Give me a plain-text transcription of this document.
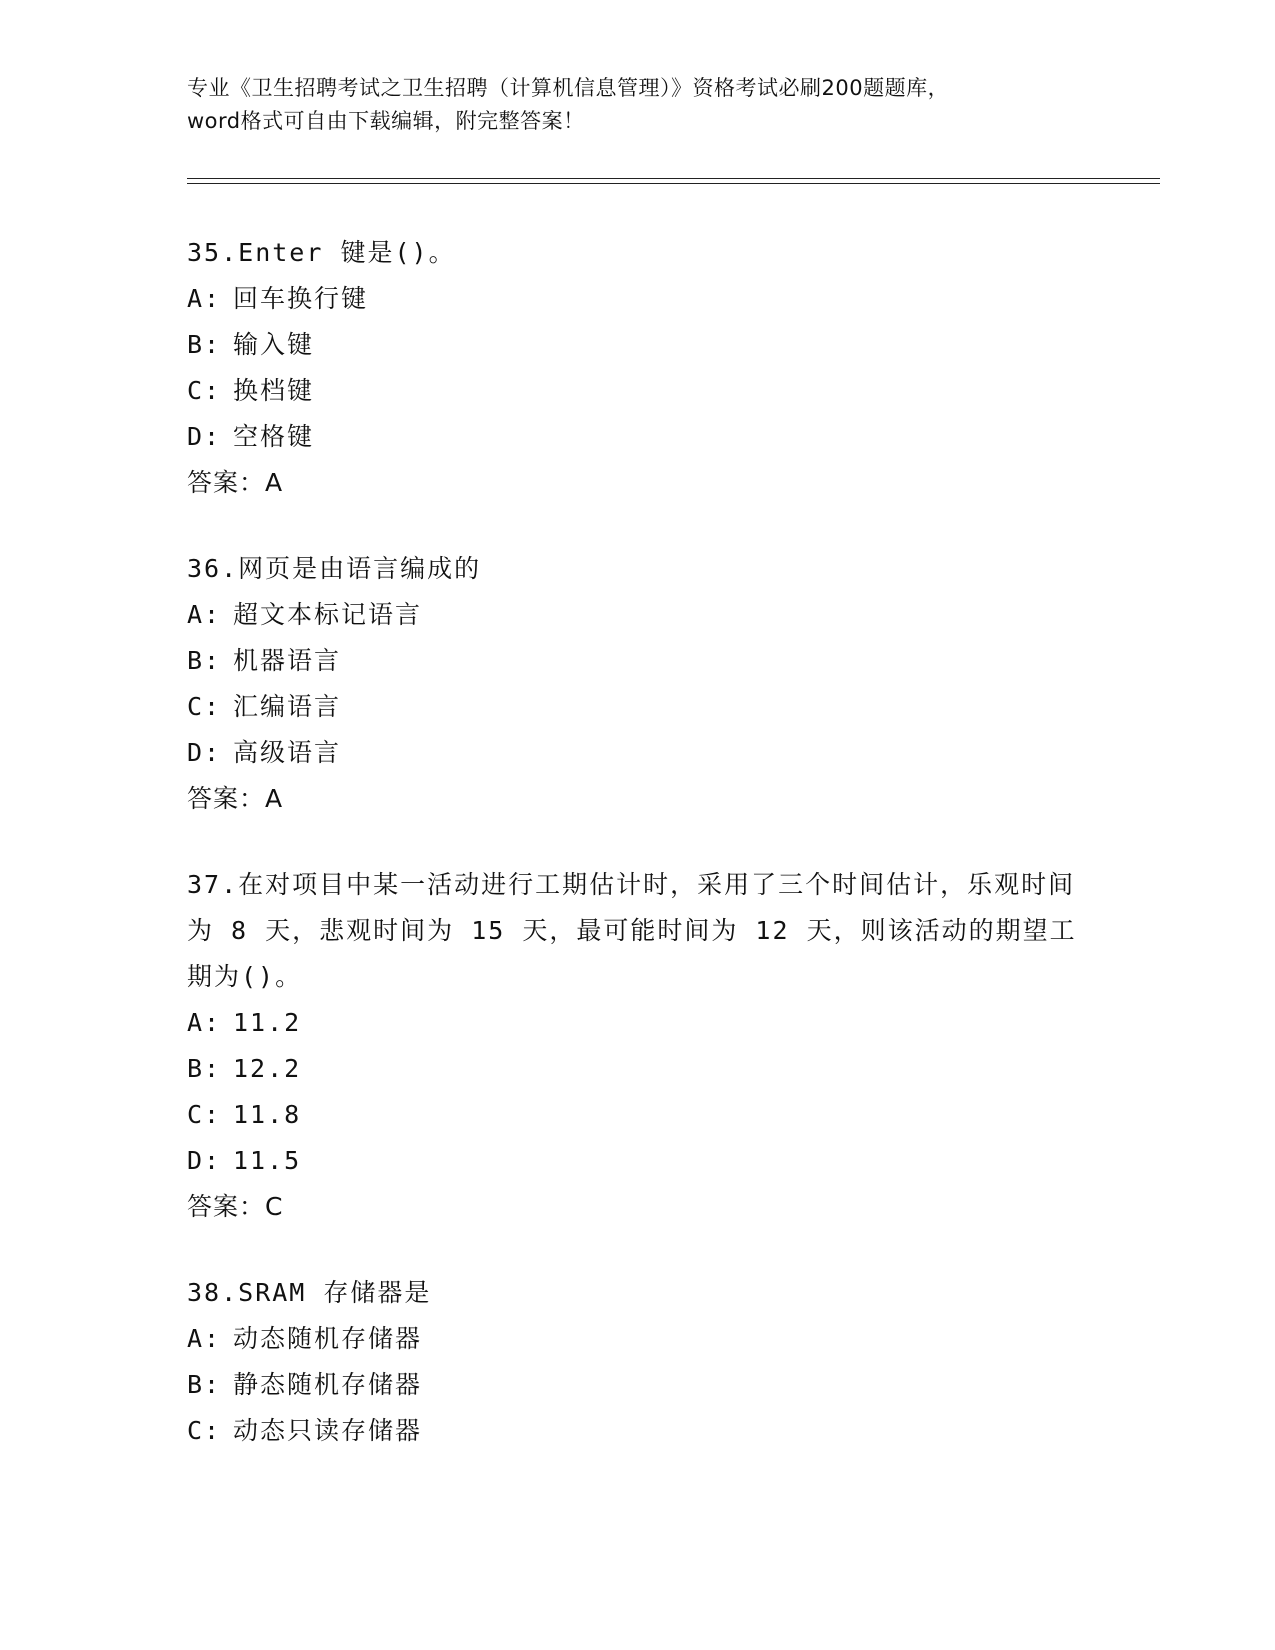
专业《卫生招聘考试之卫生招聘（计算机信息管理）》资格考试必刷200题题库，
word格式可自由下载编辑，附完整答案！

35.Enter 键是()。

A: 回车换行键

B: 输入键

C: 换档键

D: 空格键

答案：A

36.网页是由语言编成的

A: 超文本标记语言

B: 机器语言

C: 汇编语言

D: 高级语言

答案：A

37.在对项目中某一活动进行工期估计时，采用了三个时间估计，乐观时间为 8 天，悲观时间为 15 天，最可能时间为 12 天，则该活动的期望工期为()。

A: 11.2

B: 12.2

C: 11.8

D: 11.5

答案：C

38.SRAM 存储器是

A: 动态随机存储器

B: 静态随机存储器

C: 动态只读存储器
